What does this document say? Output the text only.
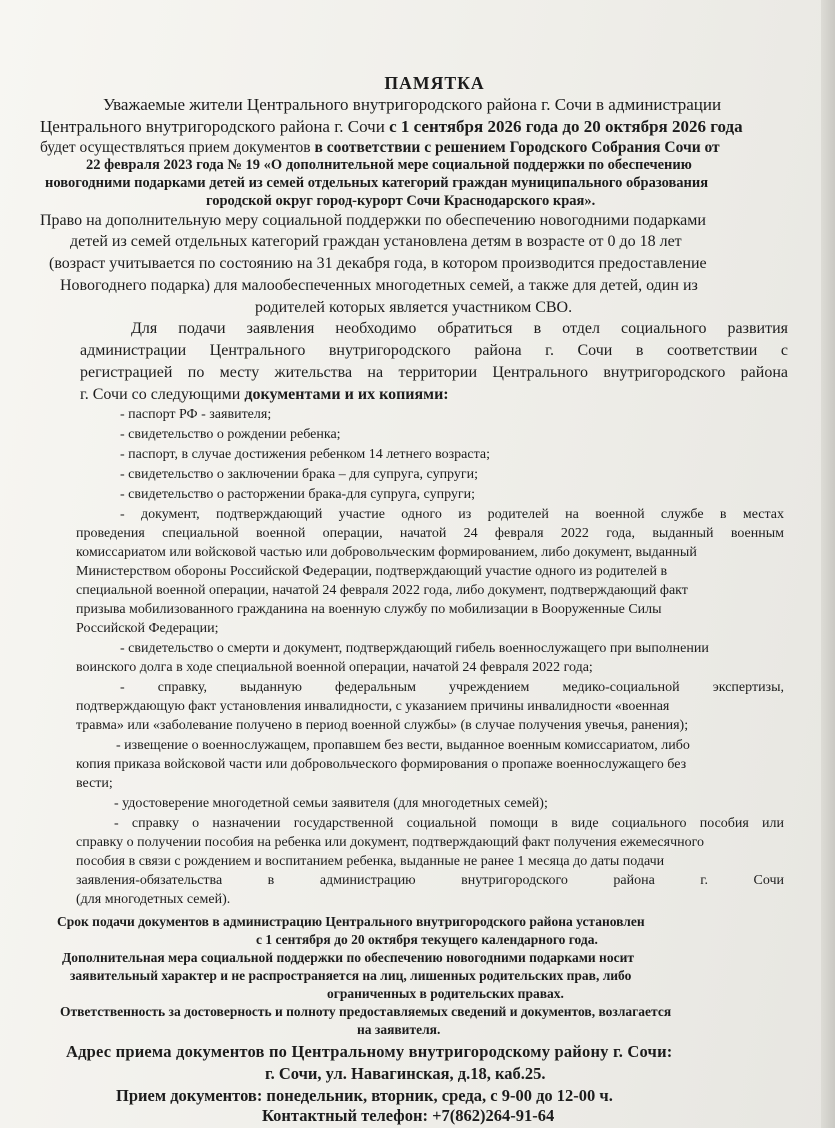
ПАМЯТКА
Уважаемые жители Центрального внутригородского района г. Сочи в администрации
Центрального внутригородского района г. Сочи с 1 сентября 2026 года до 20 октября 2026 года
будет осуществляться прием документов в соответствии с решением Городского Собрания Сочи от
22 февраля 2023 года № 19 «О дополнительной мере социальной поддержки по обеспечению
новогодними подарками детей из семей отдельных категорий граждан муниципального образования
городской округ город-курорт Сочи Краснодарского края».
Право на дополнительную меру социальной поддержки по обеспечению новогодними подарками
детей из семей отдельных категорий граждан установлена детям в возрасте от 0 до 18 лет
(возраст учитывается по состоянию на 31 декабря года, в котором производится предоставление
Новогоднего подарка) для малообеспеченных многодетных семей, а также для детей, один из
родителей которых является участником СВО.
Для подачи заявления необходимо обратиться в отдел социального развития
администрации Центрального внутригородского района г. Сочи в соответствии с
регистрацией по месту жительства на территории Центрального внутригородского района
г. Сочи со следующими документами и их копиями:
- паспорт РФ - заявителя;
- свидетельство о рождении ребенка;
- паспорт, в случае достижения ребенком 14 летнего возраста;
- свидетельство о заключении брака – для супруга, супруги;
- свидетельство о расторжении брака-для супруга, супруги;
- документ, подтверждающий участие одного из родителей на военной службе в местах
проведения специальной военной операции, начатой 24 февраля 2022 года, выданный военным
комиссариатом или войсковой частью или добровольческим формированием, либо документ, выданный
Министерством обороны Российской Федерации, подтверждающий участие одного из родителей в
специальной военной операции, начатой 24 февраля 2022 года, либо документ, подтверждающий факт
призыва мобилизованного гражданина на военную службу по мобилизации в Вооруженные Силы
Российской Федерации;
- свидетельство о смерти и документ, подтверждающий гибель военнослужащего при выполнении
воинского долга в ходе специальной военной операции, начатой 24 февраля 2022 года;
- справку, выданную федеральным учреждением медико-социальной экспертизы,
подтверждающую факт установления инвалидности, с указанием причины инвалидности «военная
травма» или «заболевание получено в период военной службы» (в случае получения увечья, ранения);
- извещение о военнослужащем, пропавшем без вести, выданное военным комиссариатом, либо
копия приказа войсковой части или добровольческого формирования о пропаже военнослужащего без
вести;
- удостоверение многодетной семьи заявителя (для многодетных семей);
- справку о назначении государственной социальной помощи в виде социального пособия или
справку о получении пособия на ребенка или документ, подтверждающий факт получения ежемесячного
пособия в связи с рождением и воспитанием ребенка, выданные не ранее 1 месяца до даты подачи
заявления-обязательства в администрацию внутригородского района г. Сочи
(для многодетных семей).
Срок подачи документов в администрацию Центрального внутригородского района установлен
с 1 сентября до 20 октября текущего календарного года.
Дополнительная мера социальной поддержки по обеспечению новогодними подарками носит
заявительный характер и не распространяется на лиц, лишенных родительских прав, либо
ограниченных в родительских правах.
Ответственность за достоверность и полноту предоставляемых сведений и документов, возлагается
на заявителя.
Адрес приема документов по Центральному внутригородскому району г. Сочи:
г. Сочи, ул. Навагинская, д.18, каб.25.
Прием документов: понедельник, вторник, среда, с 9-00 до 12-00 ч.
Контактный телефон: +7(862)264-91-64
